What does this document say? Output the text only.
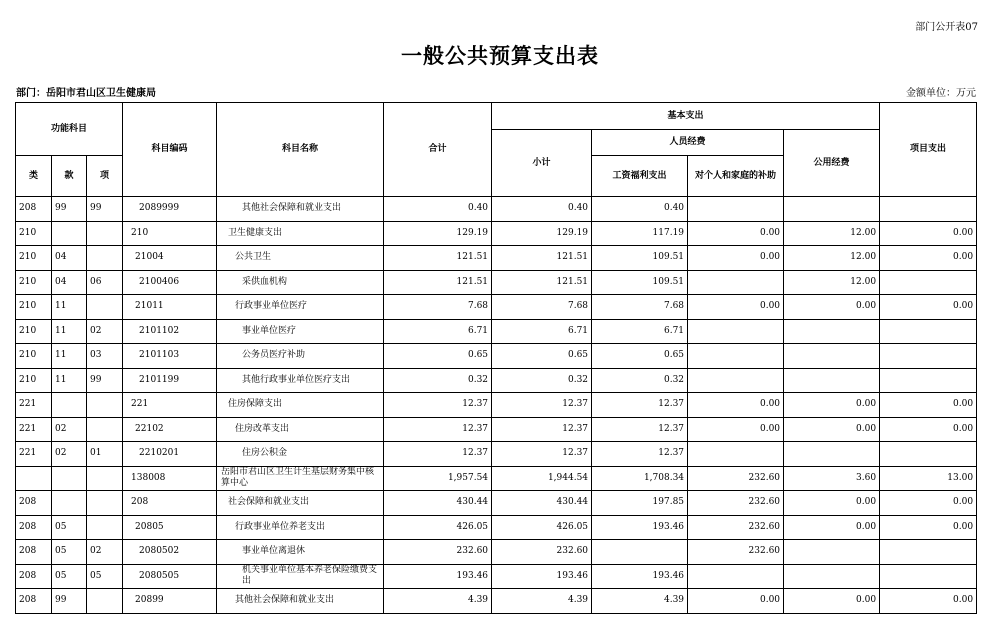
部门公开表07
一般公共预算支出表
部门：岳阳市君山区卫生健康局	金额单位：万元
功能科目			科目编码	科目名称	合计	基本支出				项目支出
						小计	人员经费		公用经费	
类	款	项					工资福利支出	对个人和家庭的补助		
208	99	99	2089999	其他社会保障和就业支出	0.40	0.40	0.40			
210			210	卫生健康支出	129.19	129.19	117.19	0.00	12.00	0.00
210	04		21004	公共卫生	121.51	121.51	109.51	0.00	12.00	0.00
210	04	06	2100406	采供血机构	121.51	121.51	109.51		12.00	
210	11		21011	行政事业单位医疗	7.68	7.68	7.68	0.00	0.00	0.00
210	11	02	2101102	事业单位医疗	6.71	6.71	6.71			
210	11	03	2101103	公务员医疗补助	0.65	0.65	0.65			
210	11	99	2101199	其他行政事业单位医疗支出	0.32	0.32	0.32			
221			221	住房保障支出	12.37	12.37	12.37	0.00	0.00	0.00
221	02		22102	住房改革支出	12.37	12.37	12.37	0.00	0.00	0.00
221	02	01	2210201	住房公积金	12.37	12.37	12.37			
			138008	岳阳市君山区卫生计生基层财务集中核算中心	1,957.54	1,944.54	1,708.34	232.60	3.60	13.00
208			208	社会保障和就业支出	430.44	430.44	197.85	232.60	0.00	0.00
208	05		20805	行政事业单位养老支出	426.05	426.05	193.46	232.60	0.00	0.00
208	05	02	2080502	事业单位离退休	232.60	232.60		232.60		
208	05	05	2080505	机关事业单位基本养老保险缴费支出	193.46	193.46	193.46			
208	99		20899	其他社会保障和就业支出	4.39	4.39	4.39	0.00	0.00	0.00
